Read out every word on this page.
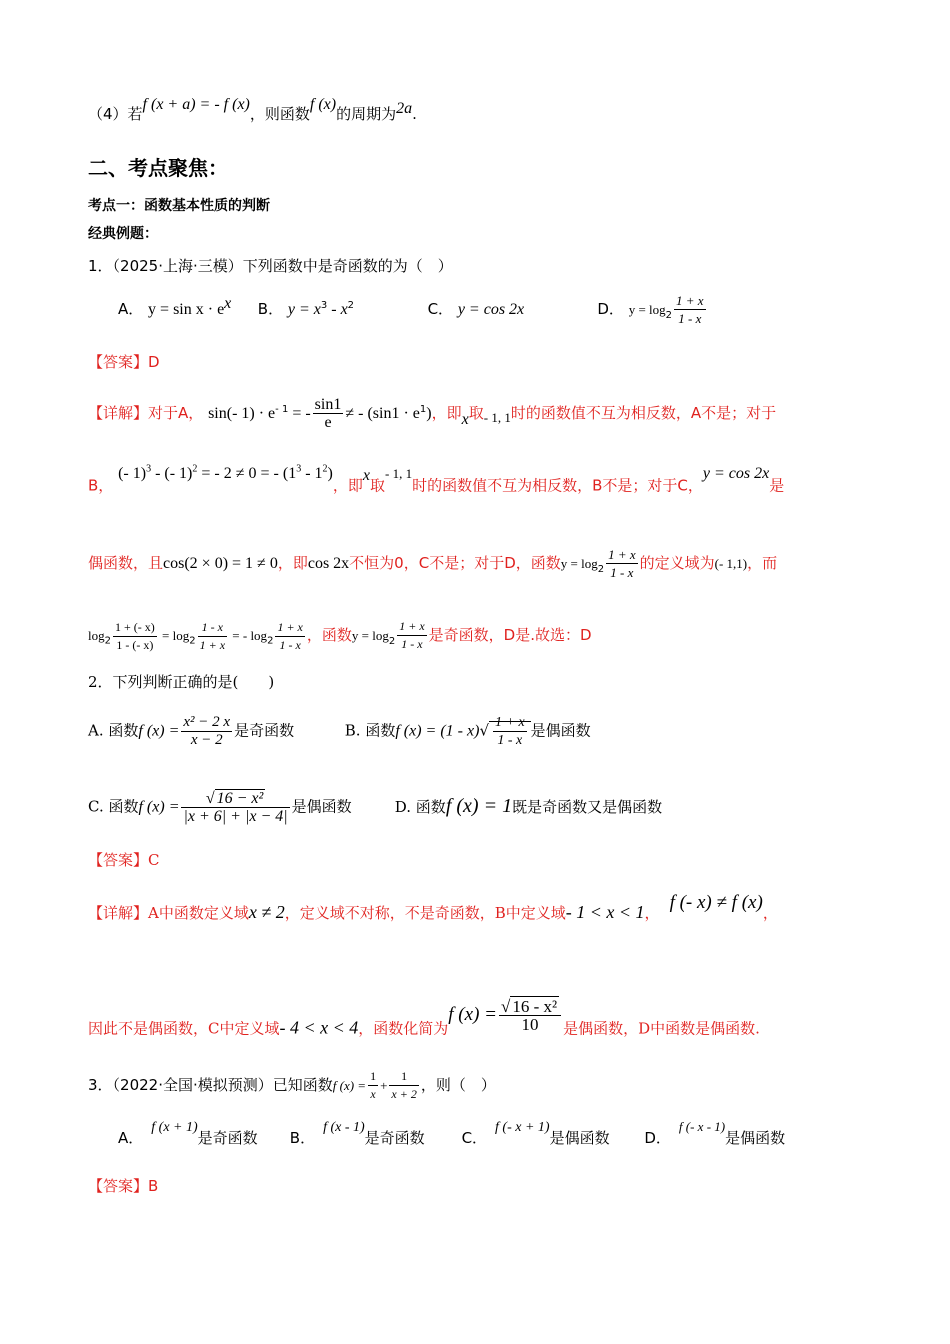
（4）若f (x + a) = - f (x)，则函数f (x)的周期为2a.
二、考点聚焦：
考点一：函数基本性质的判断
经典例题：
1．（2025·上海·三模）下列函数中是奇函数的为（　）
A． $y = \sin x \cdot e^x$ B． $y = x^3 - x^2$	C． y = cos 2x	D． $y = \log_2 \frac{1 + x}{1 - x}$
【答案】D
【详解】对于A， sin(- $1) \cdot e^{- 1}$ = - $\frac{\sin 1}{e}$ ≠ - $(\sin 1 \cdot e^1)$，即x取- 1, 1时的函数值不互为相反数，A不是；对于
B， (- 1)$^3$ - (- 1)$^2$ = - 2 ≠ 0 = - $(1^3 - 1^2)$，即x取- 1, 1时的函数值不互为相反数，B不是；对于C，y = cos 2x是
偶函数，且cos(2 × 0) = 1 ≠ 0，即cos 2x不恒为0，C不是；对于D，函数$y = \log_2 \frac{1 + x}{1 - x}$ 的定义域为(- 1,1)，而
$\log_2 \frac{1 + (- x)}{1 - (- x)} = \log_2 \frac{1 - x}{1 + x}$ = - $\log_2 \frac{1 + x}{1 - x}$ ，函数$y = \log_2 \frac{1 + x}{1 - x}$ 是奇函数，D是.故选：D
2．下列判断正确的是(　　)
A. 函数f $(x) = \frac{\text{x² − 2 x}}{x - 2}$ 是奇函数	B. 函数f $(x) = (1 - x)√ \frac{1 + x}{1 - x}$ 是偶函数
C. 函数f $(x) = \frac{\text{√ 16 − x²}}{|x + 6| + |x - 4|}$ 是偶函数	D. 函数f (x) = 1既是奇函数又是偶函数
【答案】C
【详解】A中函数定义域x ≠ 2，定义域不对称，不是奇函数，B中定义域- 1 < x < 1， f (- x) ≠ f (x)，
因此不是偶函数，C中定义域- 4 < x < 4，函数化简为f $(x) = \frac{\text{√ 16 - x²}}{10}$ 是偶函数，D中函数是偶函数.
3．（2022·全国·模拟预测）已知函数f $(x) = \frac{1}{x} + \frac{1}{x + 2}$ ，则（　）
A．f (x + 1)是奇函数 B．f (x - 1)是奇函数 C．f (- x + 1)是偶函数 D．f (- x - 1)是偶函数
【答案】B
